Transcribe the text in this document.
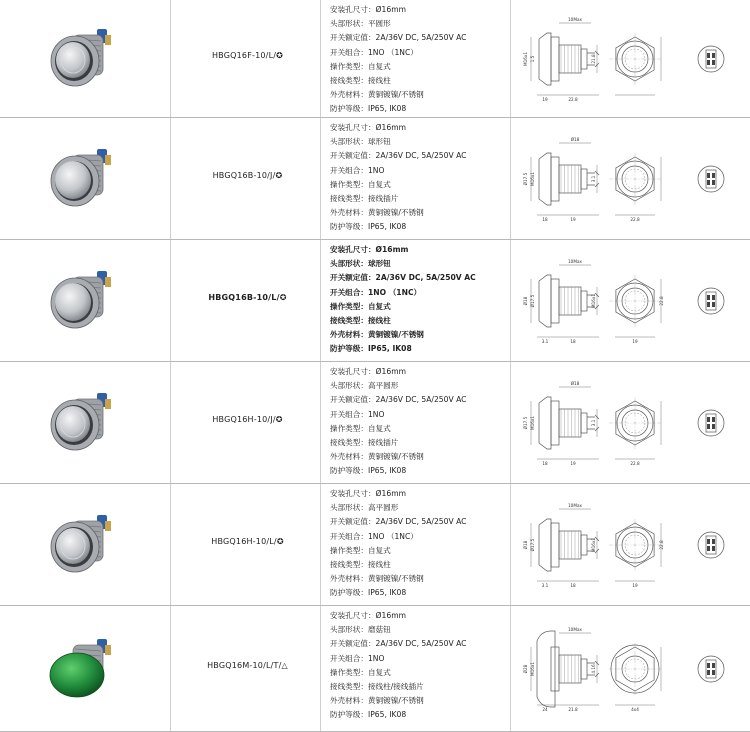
HBGQ16F-10/L/✪
安装孔尺寸：Ø16mm
头部形状：平圆形
开关额定值：2A/36V DC, 5A/250V AC
开关组合：1NO （1NC）
操作类型：自复式
接线类型：接线柱
外壳材料：黄铜镀镍/不锈钢
防护等级：IP65, IK08
10Max
M16x1 1.5	21.8
19	22.8
HBGQ16B-10/J/✪
安装孔尺寸：Ø16mm
头部形状：球形钮
开关额定值：2A/36V DC, 5A/250V AC
开关组合：1NO
操作类型：自复式
接线类型：接线插片
外壳材料：黄铜镀镍/不锈钢
防护等级：IP65, IK08
Ø18
Ø17.5 M16x1	3.1
18	19	22.8
HBGQ16B-10/L/✪
安装孔尺寸：Ø16mm
头部形状：球形钮
开关额定值：2A/36V DC, 5A/250V AC
开关组合：1NO （1NC）
操作类型：自复式
接线类型：接线柱
外壳材料：黄铜镀镍/不锈钢
防护等级：IP65, IK08
10Max
Ø18 Ø17.5	M16x1
3.1	18	19
22.8
HBGQ16H-10/J/✪
安装孔尺寸：Ø16mm
头部形状：高平圆形
开关额定值：2A/36V DC, 5A/250V AC
开关组合：1NO
操作类型：自复式
接线类型：接线插片
外壳材料：黄铜镀镍/不锈钢
防护等级：IP65, IK08
Ø18
Ø17.5 M16x1	3.1
18	19	22.8
HBGQ16H-10/L/✪
安装孔尺寸：Ø16mm
头部形状：高平圆形
开关额定值：2A/36V DC, 5A/250V AC
开关组合：1NO （1NC）
操作类型：自复式
接线类型：接线柱
外壳材料：黄铜镀镍/不锈钢
防护等级：IP65, IK08
10Max
Ø18 Ø17.5	M16x1
3.1	18	19
22.8
HBGQ16M-10/L/T/△
安装孔尺寸：Ø16mm
头部形状：磨菇钮
开关额定值：2A/36V DC, 5A/250V AC
开关组合：1NO
操作类型：自复式
接线类型：接线柱/接线插片
外壳材料：黄铜镀镍/不锈钢
防护等级：IP65, IK08
10Max
Ø28 M16x1	4.16
24	21.8	4x4
